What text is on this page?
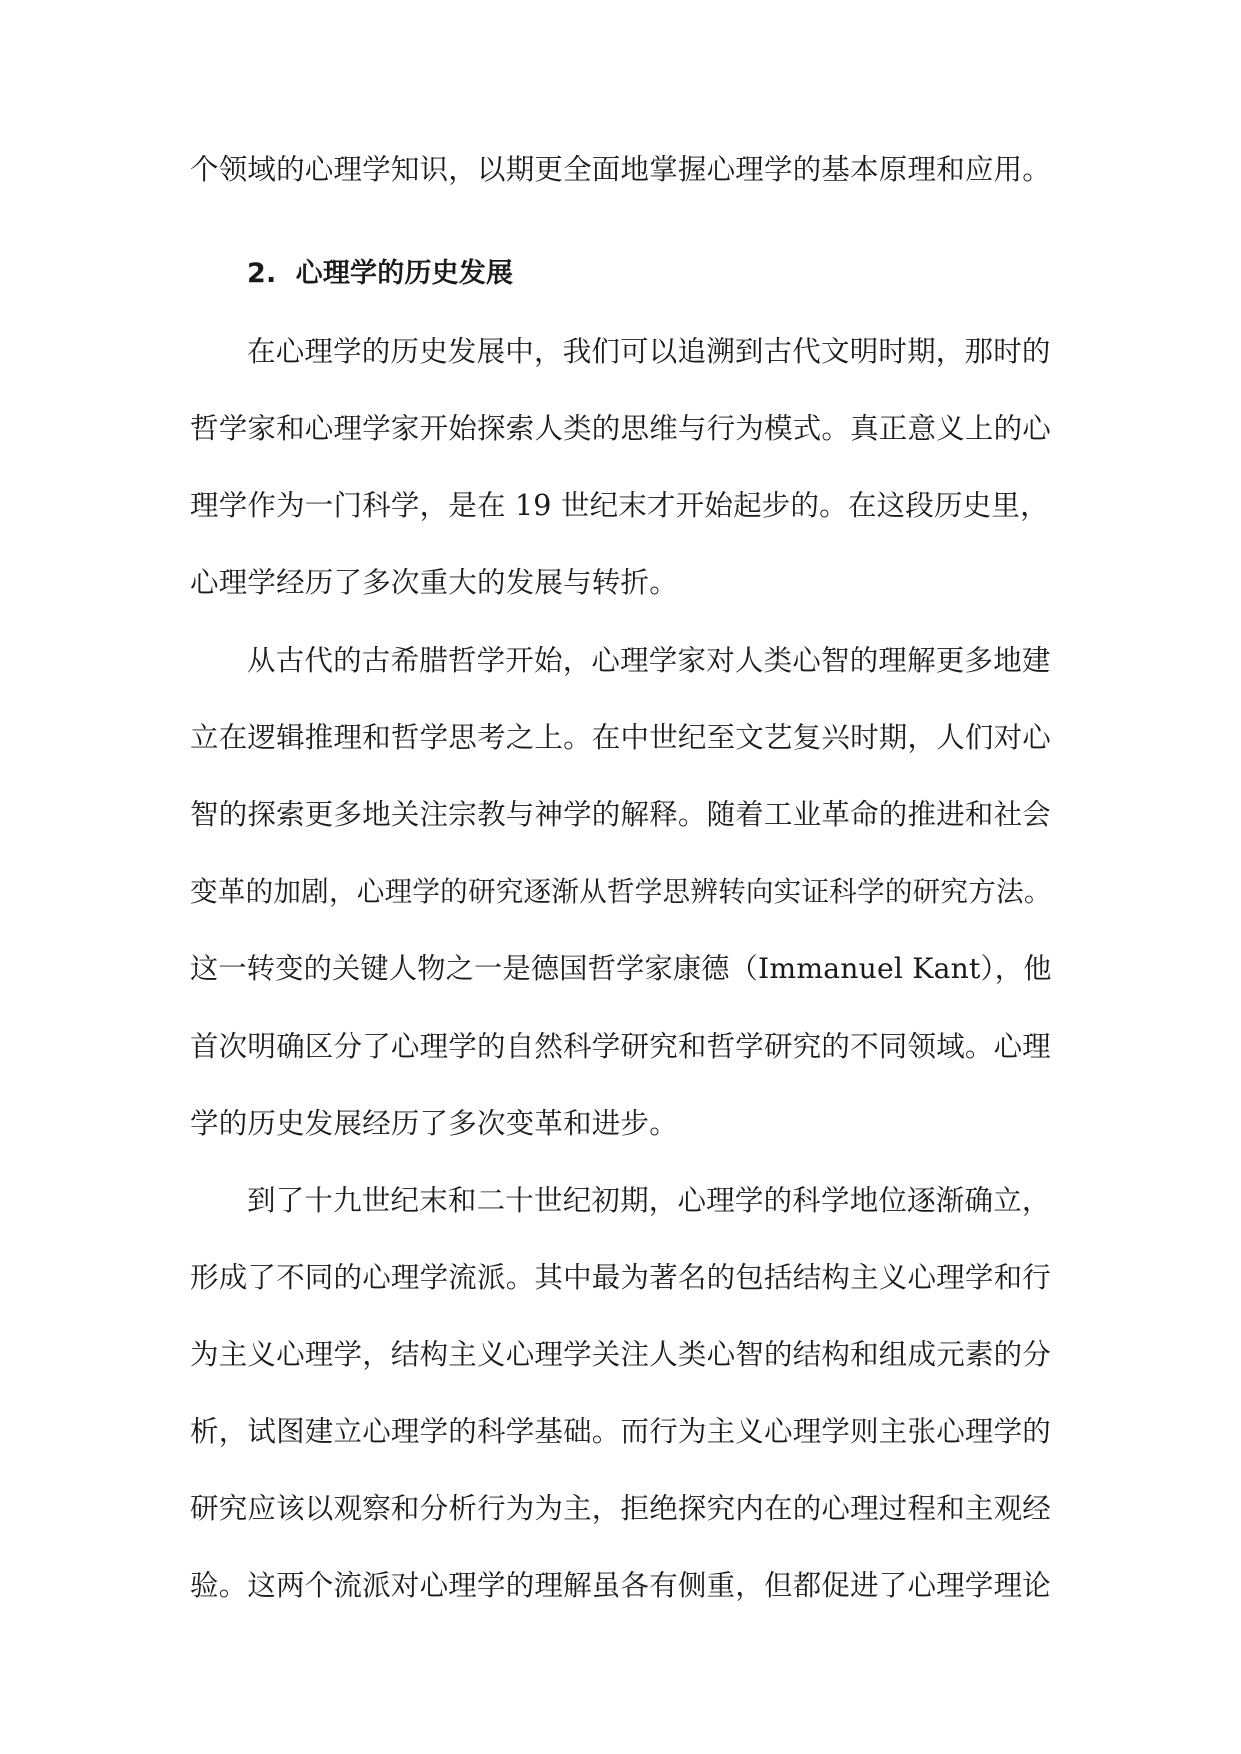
个领域的心理学知识，以期更全面地掌握心理学的基本原理和应用。
2. 心理学的历史发展
在心理学的历史发展中，我们可以追溯到古代文明时期，那时的
哲学家和心理学家开始探索人类的思维与行为模式。真正意义上的心
理学作为一门科学，是在 19 世纪末才开始起步的。在这段历史里，
心理学经历了多次重大的发展与转折。
从古代的古希腊哲学开始，心理学家对人类心智的理解更多地建
立在逻辑推理和哲学思考之上。在中世纪至文艺复兴时期，人们对心
智的探索更多地关注宗教与神学的解释。随着工业革命的推进和社会
变革的加剧，心理学的研究逐渐从哲学思辨转向实证科学的研究方法。
这一转变的关键人物之一是德国哲学家康德（Immanuel Kant），他
首次明确区分了心理学的自然科学研究和哲学研究的不同领域。心理
学的历史发展经历了多次变革和进步。
到了十九世纪末和二十世纪初期，心理学的科学地位逐渐确立，
形成了不同的心理学流派。其中最为著名的包括结构主义心理学和行
为主义心理学，结构主义心理学关注人类心智的结构和组成元素的分
析，试图建立心理学的科学基础。而行为主义心理学则主张心理学的
研究应该以观察和分析行为为主，拒绝探究内在的心理过程和主观经
验。这两个流派对心理学的理解虽各有侧重，但都促进了心理学理论
